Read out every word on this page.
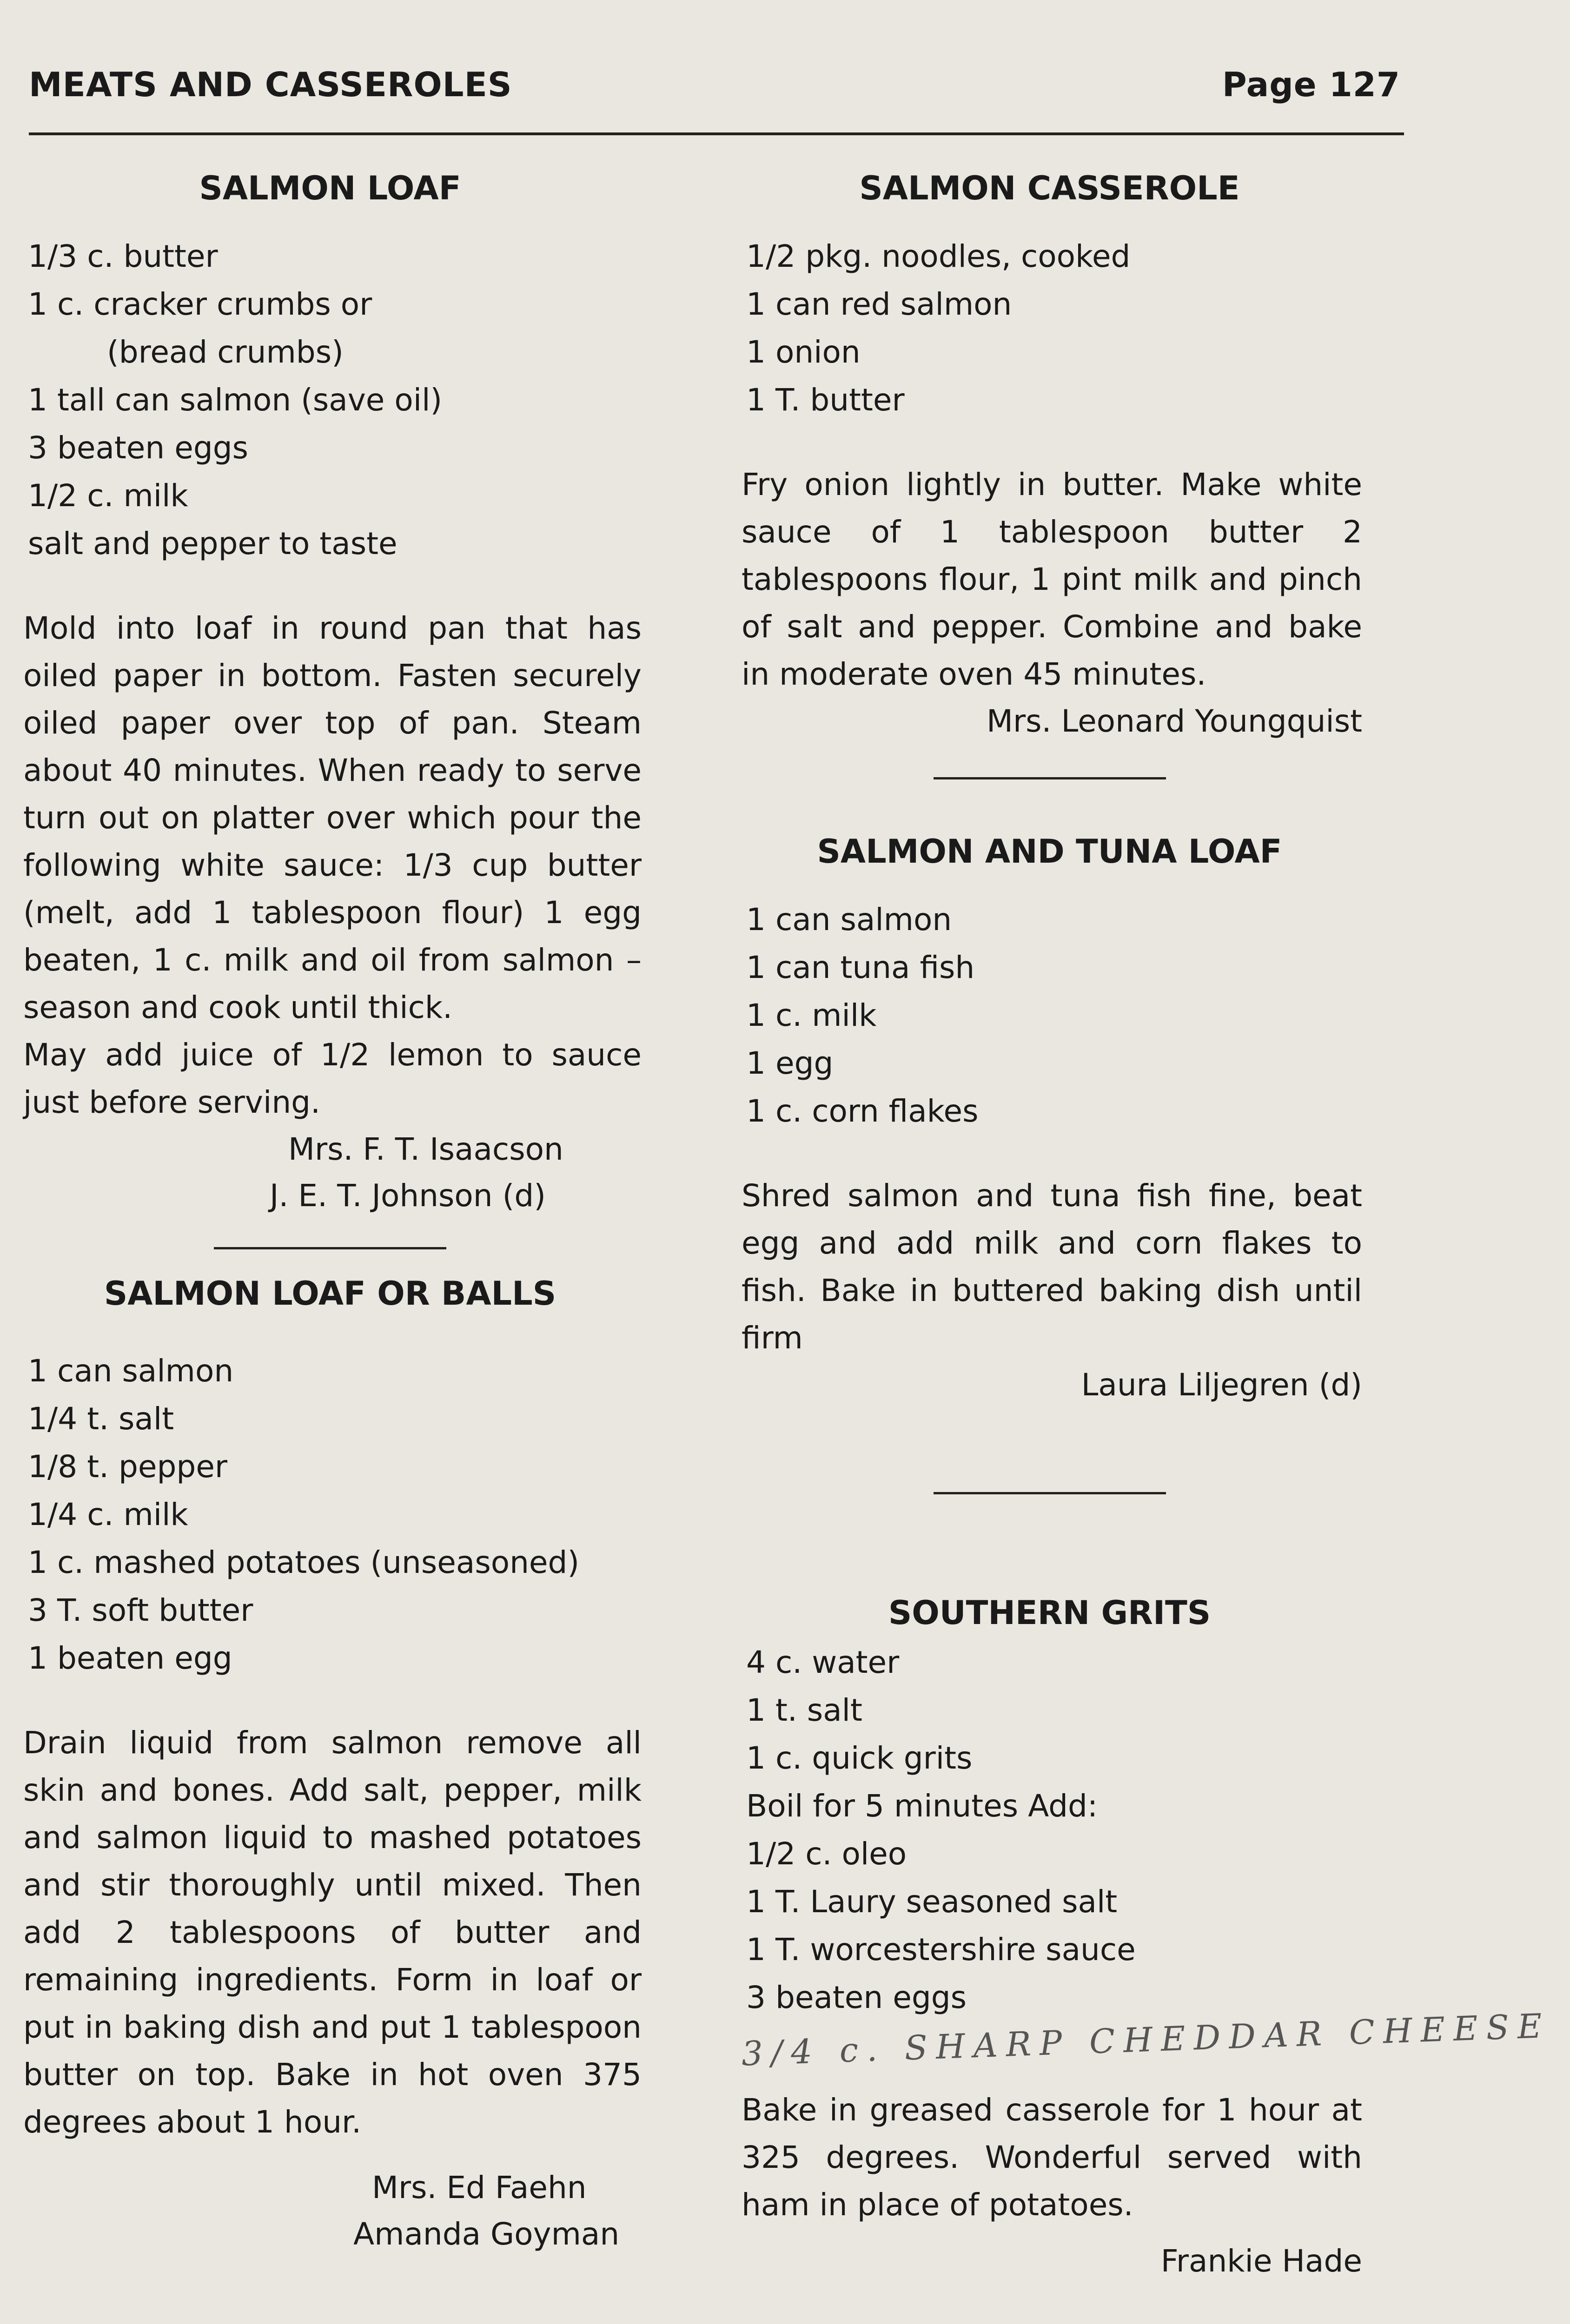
MEATS AND CASSEROLES	Page 127
SALMON LOAF
1/3 c. butter
1 c. cracker crumbs or
(bread crumbs)
1 tall can salmon (save oil)
3 beaten eggs
1/2 c. milk
salt and pepper to taste

Mold into loaf in round pan that has oiled paper in bottom. Fasten securely oiled paper over top of pan. Steam about 40 minutes. When ready to serve turn out on platter over which pour the following white sauce: 1/3 cup butter (melt, add 1 tablespoon flour) 1 egg beaten, 1 c. milk and oil from salmon – season and cook until thick.

May add juice of 1/2 lemon to sauce just before serving.

Mrs. F. T. Isaacson
J. E. T. Johnson (d)
SALMON LOAF OR BALLS
1 can salmon
1/4 t. salt
1/8 t. pepper
1/4 c. milk
1 c. mashed potatoes (unseasoned)
3 T. soft butter
1 beaten egg

Drain liquid from salmon remove all skin and bones. Add salt, pepper, milk and salmon liquid to mashed potatoes and stir thoroughly until mixed. Then add 2 tablespoons of butter and remaining ingredients. Form in loaf or put in baking dish and put 1 tablespoon butter on top. Bake in hot oven 375 degrees about 1 hour.

Mrs. Ed Faehn
Amanda Goyman
SALMON CASSEROLE
1/2 pkg. noodles, cooked
1 can red salmon
1 onion
1 T. butter

Fry onion lightly in butter. Make white sauce of 1 tablespoon butter 2 tablespoons flour, 1 pint milk and pinch of salt and pepper. Combine and bake in moderate oven 45 minutes.

Mrs. Leonard Youngquist
SALMON AND TUNA LOAF
1 can salmon
1 can tuna fish
1 c. milk
1 egg
1 c. corn flakes

Shred salmon and tuna fish fine, beat egg and add milk and corn flakes to fish. Bake in buttered baking dish until firm

Laura Liljegren (d)
SOUTHERN GRITS
4 c. water
1 t. salt
1 c. quick grits
Boil for 5 minutes Add:
1/2 c. oleo
1 T. Laury seasoned salt
1 T. worcestershire sauce
3 beaten eggs
3/4 c. SHARP CHEDDAR CHEESE

Bake in greased casserole for 1 hour at 325 degrees. Wonderful served with ham in place of potatoes.

Frankie Hade
